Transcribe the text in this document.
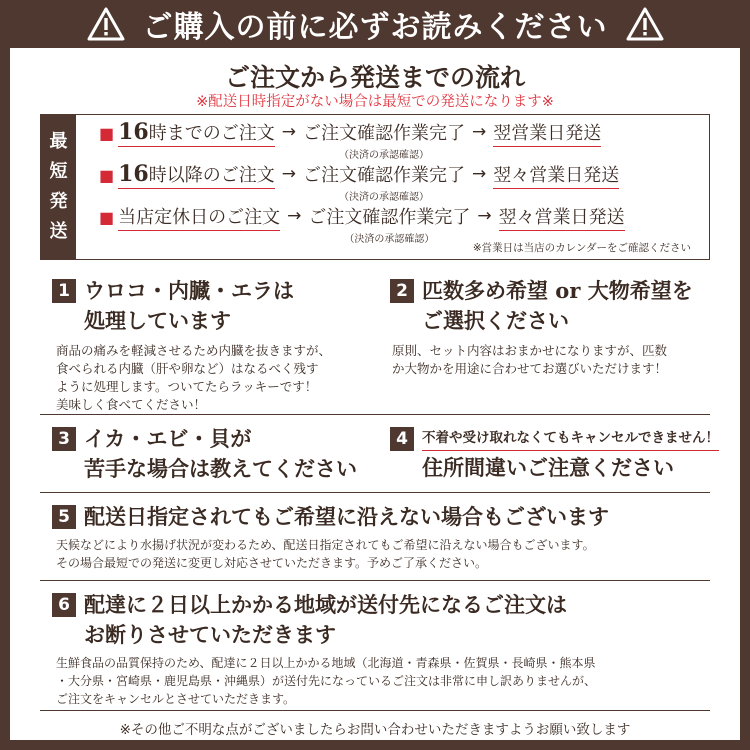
ご購入の前に必ずお読みください
ご注文から発送までの流れ
※配送日時指定がない場合は最短での発送になります※
最
短
発
送
■ 16時までのご注文 → ご注文確認作業完了
（決済の承認確認）
→ 翌営業日発送
■ 16時以降のご注文 → ご注文確認作業完了
（決済の承認確認）
→ 翌々営業日発送
■ 当店定休日のご注文 → ご注文確認作業完了
（決済の承認確認）
→ 翌々営業日発送
※営業日は当店のカレンダーをご確認ください
1 ウロコ・内臓・エラは
処理しています
商品の痛みを軽減させるため内臓を抜きますが、
食べられる内臓（肝や卵など）はなるべく残す
ように処理します。ついてたらラッキーです！
美味しく食べてください！
2 匹数多め希望 or 大物希望を
ご選択ください
原則、セット内容はおまかせになりますが、匹数
か大物かを用途に合わせてお選びいただけます！
3 イカ・エビ・貝が
苦手な場合は教えてください
4	不着や受け取れなくてもキャンセルできません！
住所間違いご注意ください
5 配送日指定されてもご希望に沿えない場合もございます
天候などにより水揚げ状況が変わるため、配送日指定されてもご希望に沿えない場合もございます。
その場合最短での発送に変更し対応させていただきます。予めご了承ください。
6 配達に２日以上かかる地域が送付先になるご注文は
お断りさせていただきます
生鮮食品の品質保持のため、配達に２日以上かかる地域（北海道・青森県・佐賀県・長崎県・熊本県
・大分県・宮崎県・鹿児島県・沖縄県）が送付先になっているご注文は非常に申し訳ありませんが、
ご注文をキャンセルとさせていただきます。
※その他ご不明な点がございましたらお問い合わせいただきますようお願い致します
